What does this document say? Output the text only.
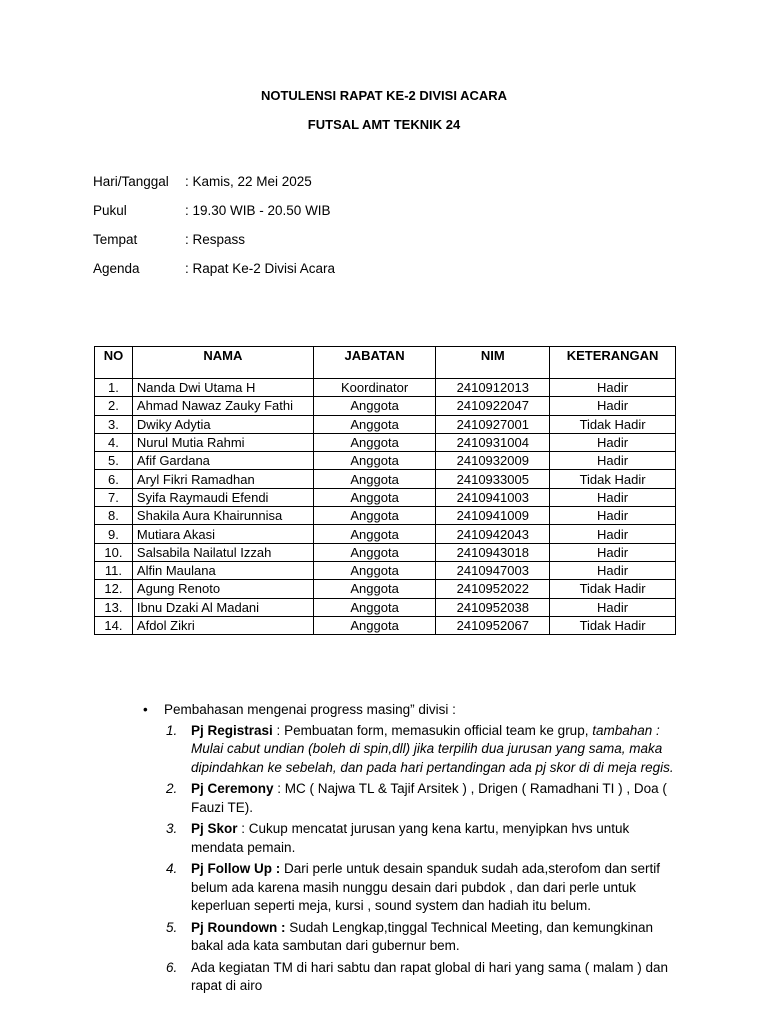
NOTULENSI RAPAT KE-2 DIVISI ACARA
FUTSAL AMT TEKNIK 24
Hari/Tanggal : Kamis, 22 Mei 2025
Pukul	: 19.30 WIB - 20.50 WIB
Tempat	: Respass
Agenda	: Rapat Ke-2 Divisi Acara
NO	NAMA	JABATAN	NIM	KETERANGAN
1.	Nanda Dwi Utama H	Koordinator	2410912013	Hadir
2.	Ahmad Nawaz Zauky Fathi	Anggota	2410922047	Hadir
3.	Dwiky Adytia	Anggota	2410927001	Tidak Hadir
4.	Nurul Mutia Rahmi	Anggota	2410931004	Hadir
5.	Afif Gardana	Anggota	2410932009	Hadir
6.	Aryl Fikri Ramadhan	Anggota	2410933005	Tidak Hadir
7.	Syifa Raymaudi Efendi	Anggota	2410941003	Hadir
8.	Shakila Aura Khairunnisa	Anggota	2410941009	Hadir
9.	Mutiara Akasi	Anggota	2410942043	Hadir
10.	Salsabila Nailatul Izzah	Anggota	2410943018	Hadir
11.	Alfin Maulana	Anggota	2410947003	Hadir
12.	Agung Renoto	Anggota	2410952022	Tidak Hadir
13.	Ibnu Dzaki Al Madani	Anggota	2410952038	Hadir
14.	Afdol Zikri	Anggota	2410952067	Tidak Hadir
• Pembahasan mengenai progress masing” divisi :
1. Pj Registrasi : Pembuatan form, memasukin official team ke grup, tambahan : Mulai cabut undian (boleh di spin,dll) jika terpilih dua jurusan yang sama, maka dipindahkan ke sebelah, dan pada hari pertandingan ada pj skor di di meja regis.
2. Pj Ceremony : MC ( Najwa TL & Tajif Arsitek ) , Drigen ( Ramadhani TI ) , Doa ( Fauzi TE).
3. Pj Skor : Cukup mencatat jurusan yang kena kartu, menyipkan hvs untuk mendata pemain.
4. Pj Follow Up : Dari perle untuk desain spanduk sudah ada,sterofom dan sertif belum ada karena masih nunggu desain dari pubdok , dan dari perle untuk keperluan seperti meja, kursi , sound system dan hadiah itu belum.
5. Pj Roundown : Sudah Lengkap,tinggal Technical Meeting, dan kemungkinan bakal ada kata sambutan dari gubernur bem.
6. Ada kegiatan TM di hari sabtu dan rapat global di hari yang sama ( malam ) dan rapat di airo
